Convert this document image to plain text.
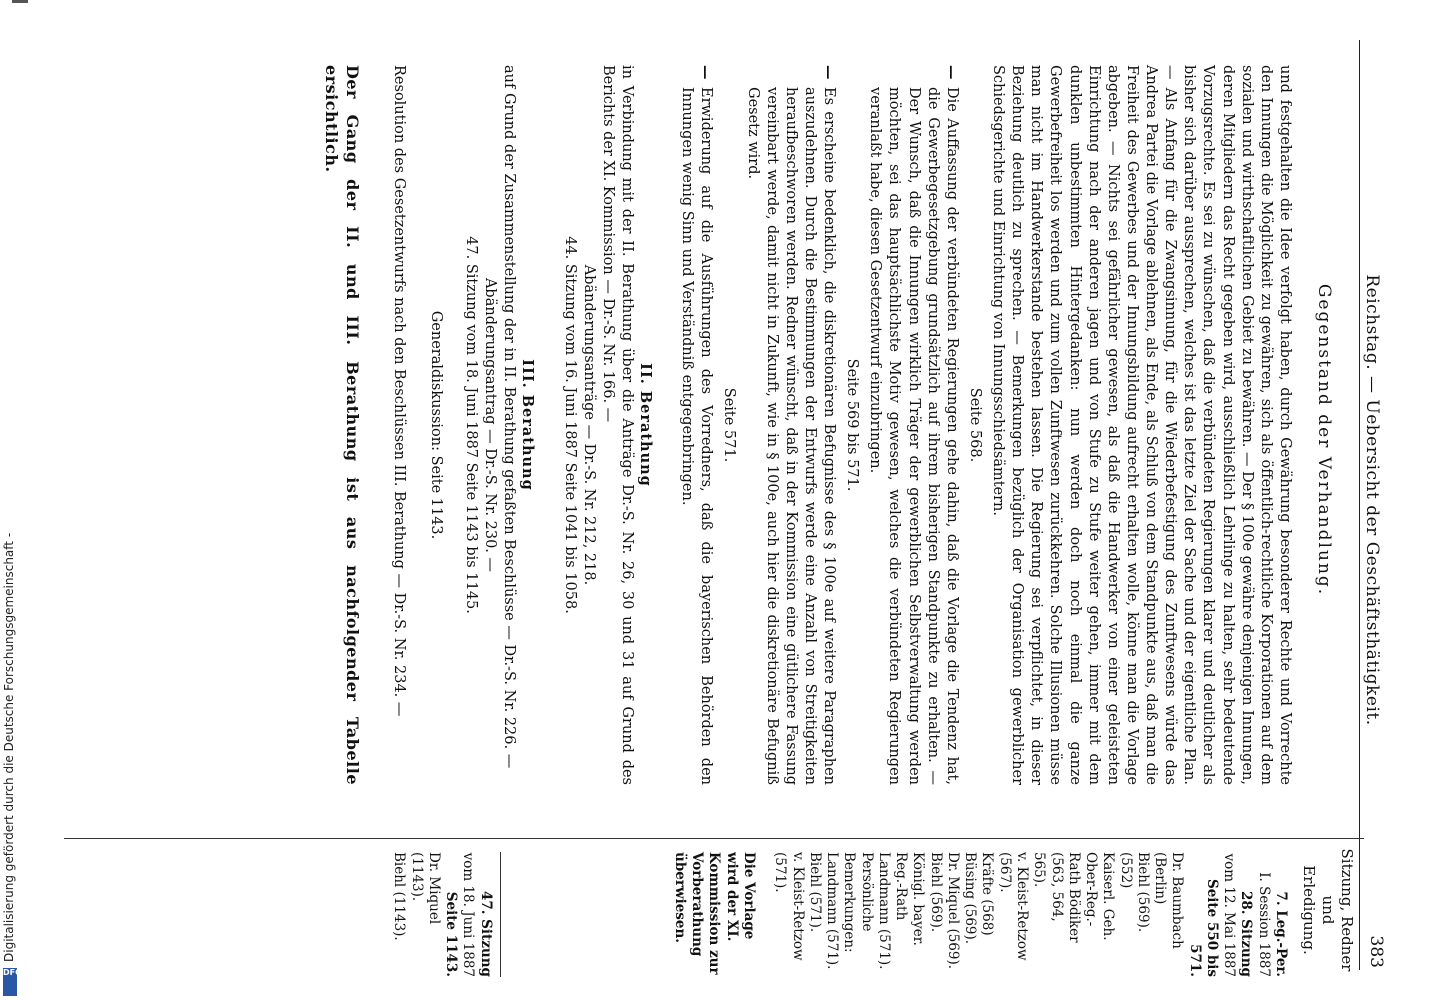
Reichstag. — Uebersicht der Geschäftsthätigkeit.
383
Gegenstand der Verhandlung.
Sitzung, Redner
und
Erledigung.
und festgehalten die Idee verfolgt haben, durch Gewährung besonderer Rechte und Vorrechte den Innungen die Möglichkeit zu gewähren, sich als öffentlich-rechtliche Korporationen auf dem sozialen und wirthschaftlichen Gebiet zu bewähren. — Der § 100e gewähre denjenigen Innungen, deren Mitgliedern das Recht gegeben wird, ausschließlich Lehrlinge zu halten, sehr bedeutende Vorzugsrechte. Es sei zu wünschen, daß die verbündeten Regierungen klarer und deutlicher als bisher sich darüber aussprechen, welches ist das letzte Ziel der Sache und der eigentliche Plan. — Als Anfang für die Zwangsinnung, für die Wiederbefestigung des Zunftwesens würde das Andrea Partei die Vorlage ablehnen, als Ende, als Schluß von dem Standpunkte aus, daß man die Freiheit des Gewerbes und der Innungsbildung aufrecht erhalten wolle, könne man die Vorlage abgeben. — Nichts sei gefährlicher gewesen, als daß die Handwerker von einer geleisteten Einrichtung nach der anderen jagen und von Stufe zu Stufe weiter gehen, immer mit dem dunklen unbestimmten Hintergedanken: nun werden doch noch einmal die ganze Gewerbefreiheit los werden und zum vollen Zunftwesen zurückkehren. Solche Illusionen müsse man nicht im Handwerkerstande bestehen lassen. Die Regierung sei verpflichtet, in dieser Beziehung deutlich zu sprechen. — Bemerkungen bezüglich der Organisation gewerblicher Schiedsgerichte und Einrichtung von Innungsschiedsämtern.
Seite 568.
—
Die Auffassung der verbündeten Regierungen gehe dahin, daß die Vorlage die Tendenz hat, die Gewerbegesetzgebung grundsätzlich auf ihrem bisherigen Standpunkte zu erhalten. — Der Wunsch, daß die Innungen wirklich Träger der gewerblichen Selbstverwaltung werden möchten, sei das hauptsächlichste Motiv gewesen, welches die verbündeten Regierungen veranlaßt habe, diesen Gesetzentwurf einzubringen.
Seite 569 bis 571.
—
Es erscheine bedenklich, die diskretionären Befugnisse des § 100e auf weitere Paragraphen auszudehnen. Durch die Bestimmungen der Entwurfs werde eine Anzahl von Streitigkeiten heraufbeschworen werden. Redner wünscht, daß in der Kommission eine gütlichere Fassung vereinbart werde, damit nicht in Zukunft, wie in § 100e, auch hier die diskretionäre Befugniß Gesetz wird.
Seite 571.
—
Erwiderung auf die Ausführungen des Vorredners, daß die bayerischen Behörden den Innungen wenig Sinn und Verständniß entgegenbringen.
II. Berathung
in Verbindung mit der II. Berathung über die Anträge Dr.-S. Nr. 26, 30 und 31 auf Grund des Berichts der XI. Kommission — Dr.-S. Nr. 166. —
Abänderungsanträge — Dr.-S. Nr. 212, 218.
44. Sitzung vom 16. Juni 1887 Seite 1041 bis 1058.
III. Berathung
auf Grund der Zusammenstellung der in II. Berathung gefaßten Beschlüsse — Dr.-S. Nr. 226. —
Abänderungsantrag — Dr.-S. Nr. 230. —
47. Sitzung vom 18. Juni 1887 Seite 1143 bis 1145.
Generaldiskussion: Seite 1143.
Resolution des Gesetzentwurfs nach den Beschlüssen III. Berathung — Dr.-S. Nr. 234. —
Der Gang der II. und III. Berathung ist aus nachfolgender Tabelle ersichtlich.

7. Leg.-Per.

I. Session 1887

28. Sitzung

vom 12. Mai 1887

Seite 550 bis 571.

Dr. Baumbach (Berlin)

Biehl (569).

(552)

Kaiserl. Geh. Ober-Reg.-

Rath Bödiker (563, 564,

565).

v. Kleist-Retzow (567).

Kräfte (568)

Büsing (569).

Dr. Miquel (569).

Biehl (569).

Königl. bayer. Reg.-Rath

Landmann (571).

Persönliche Bemerkungen:

Landmann (571).

Biehl (571).

v. Kleist-Retzow (571).

Die Vorlage wird der XI. Kommission zur Vorberathung überwiesen.

47. Sitzung

vom 18. Juni 1887

Seite 1143.

Dr. Miquel (1143).

Biehl (1143).

Digitalisierung gefördert durch die Deutsche Forschungsgemeinschaft -
DFG
